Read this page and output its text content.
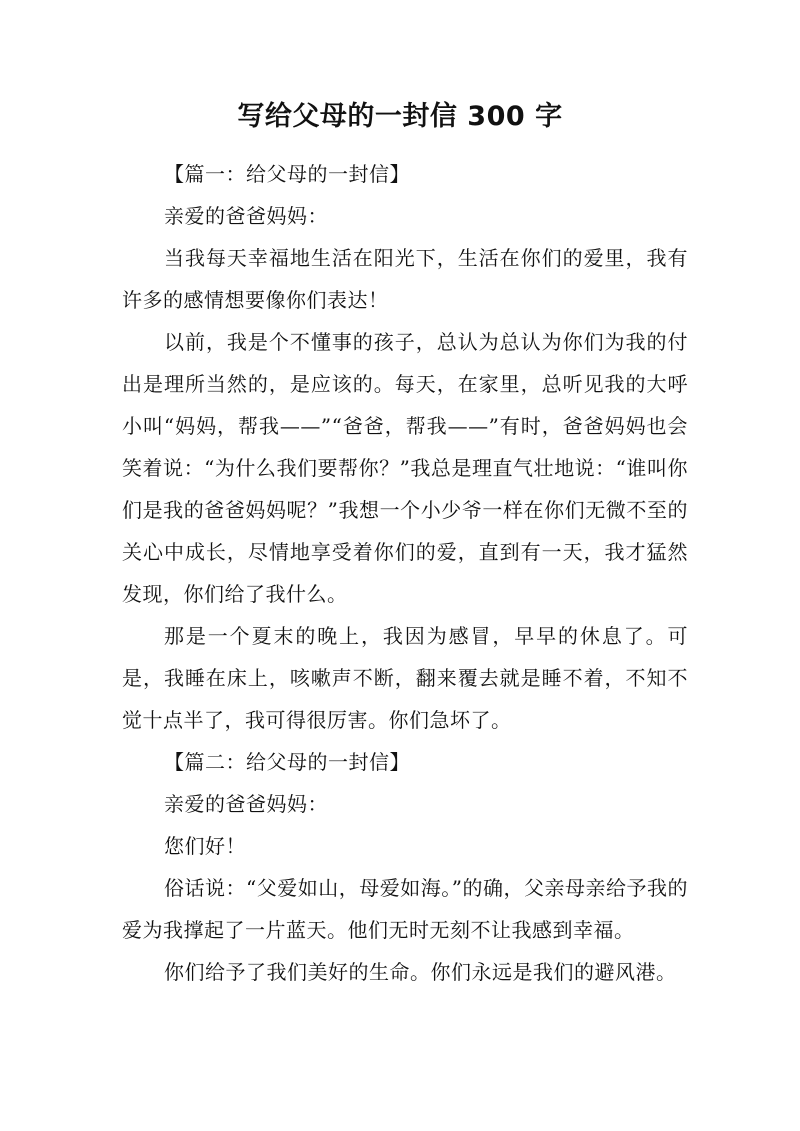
写给父母的一封信 300 字

【篇一：给父母的一封信】

亲爱的爸爸妈妈：

当我每天幸福地生活在阳光下，生活在你们的爱里，我有许多的感情想要像你们表达！

以前，我是个不懂事的孩子，总认为总认为你们为我的付出是理所当然的，是应该的。每天，在家里，总听见我的大呼小叫“妈妈，帮我——”“爸爸，帮我——”有时，爸爸妈妈也会笑着说：“为什么我们要帮你？”我总是理直气壮地说：“谁叫你们是我的爸爸妈妈呢？”我想一个小少爷一样在你们无微不至的关心中成长，尽情地享受着你们的爱，直到有一天，我才猛然发现，你们给了我什么。

那是一个夏末的晚上，我因为感冒，早早的休息了。可是，我睡在床上，咳嗽声不断，翻来覆去就是睡不着，不知不觉十点半了，我可得很厉害。你们急坏了。

【篇二：给父母的一封信】

亲爱的爸爸妈妈：

您们好！

俗话说：“父爱如山，母爱如海。”的确，父亲母亲给予我的爱为我撑起了一片蓝天。他们无时无刻不让我感到幸福。

你们给予了我们美好的生命。你们永远是我们的避风港。
